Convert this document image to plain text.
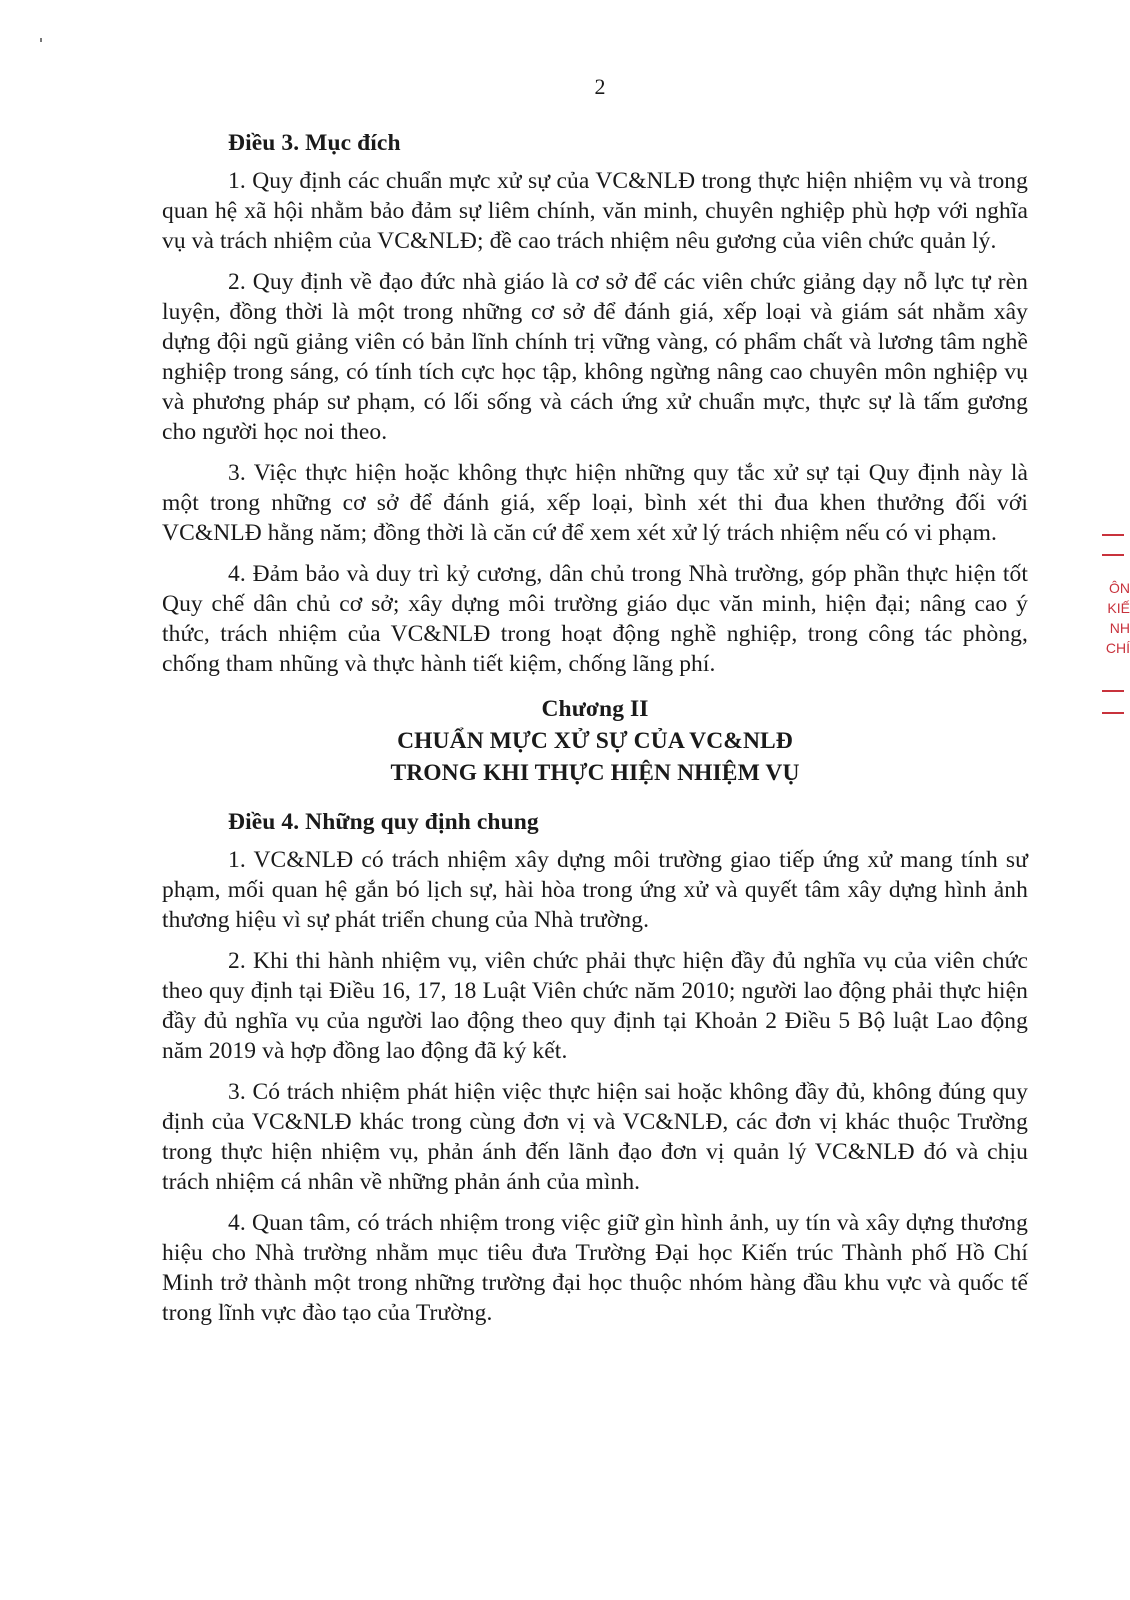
2
Điều 3. Mục đích

1. Quy định các chuẩn mực xử sự của VC&NLĐ trong thực hiện nhiệm vụ và trong quan hệ xã hội nhằm bảo đảm sự liêm chính, văn minh, chuyên nghiệp phù hợp với nghĩa vụ và trách nhiệm của VC&NLĐ; đề cao trách nhiệm nêu gương của viên chức quản lý.

2. Quy định về đạo đức nhà giáo là cơ sở để các viên chức giảng dạy nỗ lực tự rèn luyện, đồng thời là một trong những cơ sở để đánh giá, xếp loại và giám sát nhằm xây dựng đội ngũ giảng viên có bản lĩnh chính trị vững vàng, có phẩm chất và lương tâm nghề nghiệp trong sáng, có tính tích cực học tập, không ngừng nâng cao chuyên môn nghiệp vụ và phương pháp sư phạm, có lối sống và cách ứng xử chuẩn mực, thực sự là tấm gương cho người học noi theo.

3. Việc thực hiện hoặc không thực hiện những quy tắc xử sự tại Quy định này là một trong những cơ sở để đánh giá, xếp loại, bình xét thi đua khen thưởng đối với VC&NLĐ hằng năm; đồng thời là căn cứ để xem xét xử lý trách nhiệm nếu có vi phạm.

4. Đảm bảo và duy trì kỷ cương, dân chủ trong Nhà trường, góp phần thực hiện tốt Quy chế dân chủ cơ sở; xây dựng môi trường giáo dục văn minh, hiện đại; nâng cao ý thức, trách nhiệm của VC&NLĐ trong hoạt động nghề nghiệp, trong công tác phòng, chống tham nhũng và thực hành tiết kiệm, chống lãng phí.

Chương II
CHUẨN MỰC XỬ SỰ CỦA VC&NLĐ
TRONG KHI THỰC HIỆN NHIỆM VỤ
Điều 4. Những quy định chung

1. VC&NLĐ có trách nhiệm xây dựng môi trường giao tiếp ứng xử mang tính sư phạm, mối quan hệ gắn bó lịch sự, hài hòa trong ứng xử và quyết tâm xây dựng hình ảnh thương hiệu vì sự phát triển chung của Nhà trường.

2. Khi thi hành nhiệm vụ, viên chức phải thực hiện đầy đủ nghĩa vụ của viên chức theo quy định tại Điều 16, 17, 18 Luật Viên chức năm 2010; người lao động phải thực hiện đầy đủ nghĩa vụ của người lao động theo quy định tại Khoản 2 Điều 5 Bộ luật Lao động năm 2019 và hợp đồng lao động đã ký kết.

3. Có trách nhiệm phát hiện việc thực hiện sai hoặc không đầy đủ, không đúng quy định của VC&NLĐ khác trong cùng đơn vị và VC&NLĐ, các đơn vị khác thuộc Trường trong thực hiện nhiệm vụ, phản ánh đến lãnh đạo đơn vị quản lý VC&NLĐ đó và chịu trách nhiệm cá nhân về những phản ánh của mình.

4. Quan tâm, có trách nhiệm trong việc giữ gìn hình ảnh, uy tín và xây dựng thương hiệu cho Nhà trường nhằm mục tiêu đưa Trường Đại học Kiến trúc Thành phố Hồ Chí Minh trở thành một trong những trường đại học thuộc nhóm hàng đầu khu vực và quốc tế trong lĩnh vực đào tạo của Trường.

ÔN
KIẾ
NH
CHÍ
